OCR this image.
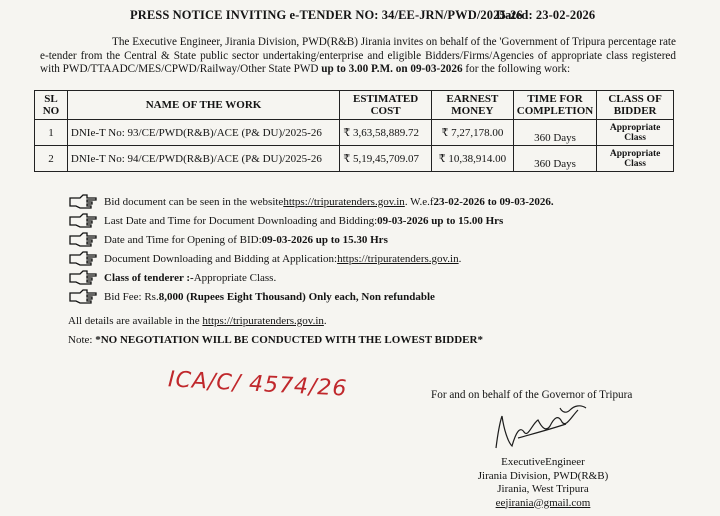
PRESS NOTICE INVITING e-TENDER NO: 34/EE-JRN/PWD/2025-26
Dated: 23-02-2026

The Executive Engineer, Jirania Division, PWD(R&B) Jirania invites on behalf of the 'Government of Tripura percentage rate e-tender from the Central & State public sector undertaking/enterprise and eligible Bidders/Firms/Agencies of appropriate class registered with PWD/TTAADC/MES/CPWD/Railway/Other State PWD up to 3.00 P.M. on 09-03-2026 for the following work:

SL NO	NAME OF THE WORK	ESTIMATED COST	EARNEST MONEY	TIME FOR COMPLETION	CLASS OF BIDDER
1	DNIe-T No: 93/CE/PWD(R&B)/ACE (P& DU)/2025-26	₹ 3,63,58,889.72	₹ 7,27,178.00	360 Days	Appropriate Class
2	DNIe-T No: 94/CE/PWD(R&B)/ACE (P& DU)/2025-26	₹ 5,19,45,709.07	₹ 10,38,914.00	360 Days	Appropriate Class
Bid document can be seen in the website https://tripuratenders.gov.in . W.e.f 23-02-2026 to 09-03-2026 .
Last Date and Time for Document Downloading and Bidding: 09-03-2026 up to 15.00 Hrs
Date and Time for Opening of BID: 09-03-2026 up to 15.30 Hrs
Document Downloading and Bidding at Application: https://tripuratenders.gov.in .
Class of tenderer :- Appropriate Class.
Bid Fee: Rs. 8,000 (Rupees Eight Thousand) Only each, Non refundable
All details are available in the https://tripuratenders.gov.in.
Note: *NO NEGOTIATION WILL BE CONDUCTED WITH THE LOWEST BIDDER*
ICA/C/ 4574/26	For and on behalf of the Governor of Tripura
ExecutiveEngineer
Jirania Division, PWD(R&B)
Jirania, West Tripura
eejirania@gmail.com
